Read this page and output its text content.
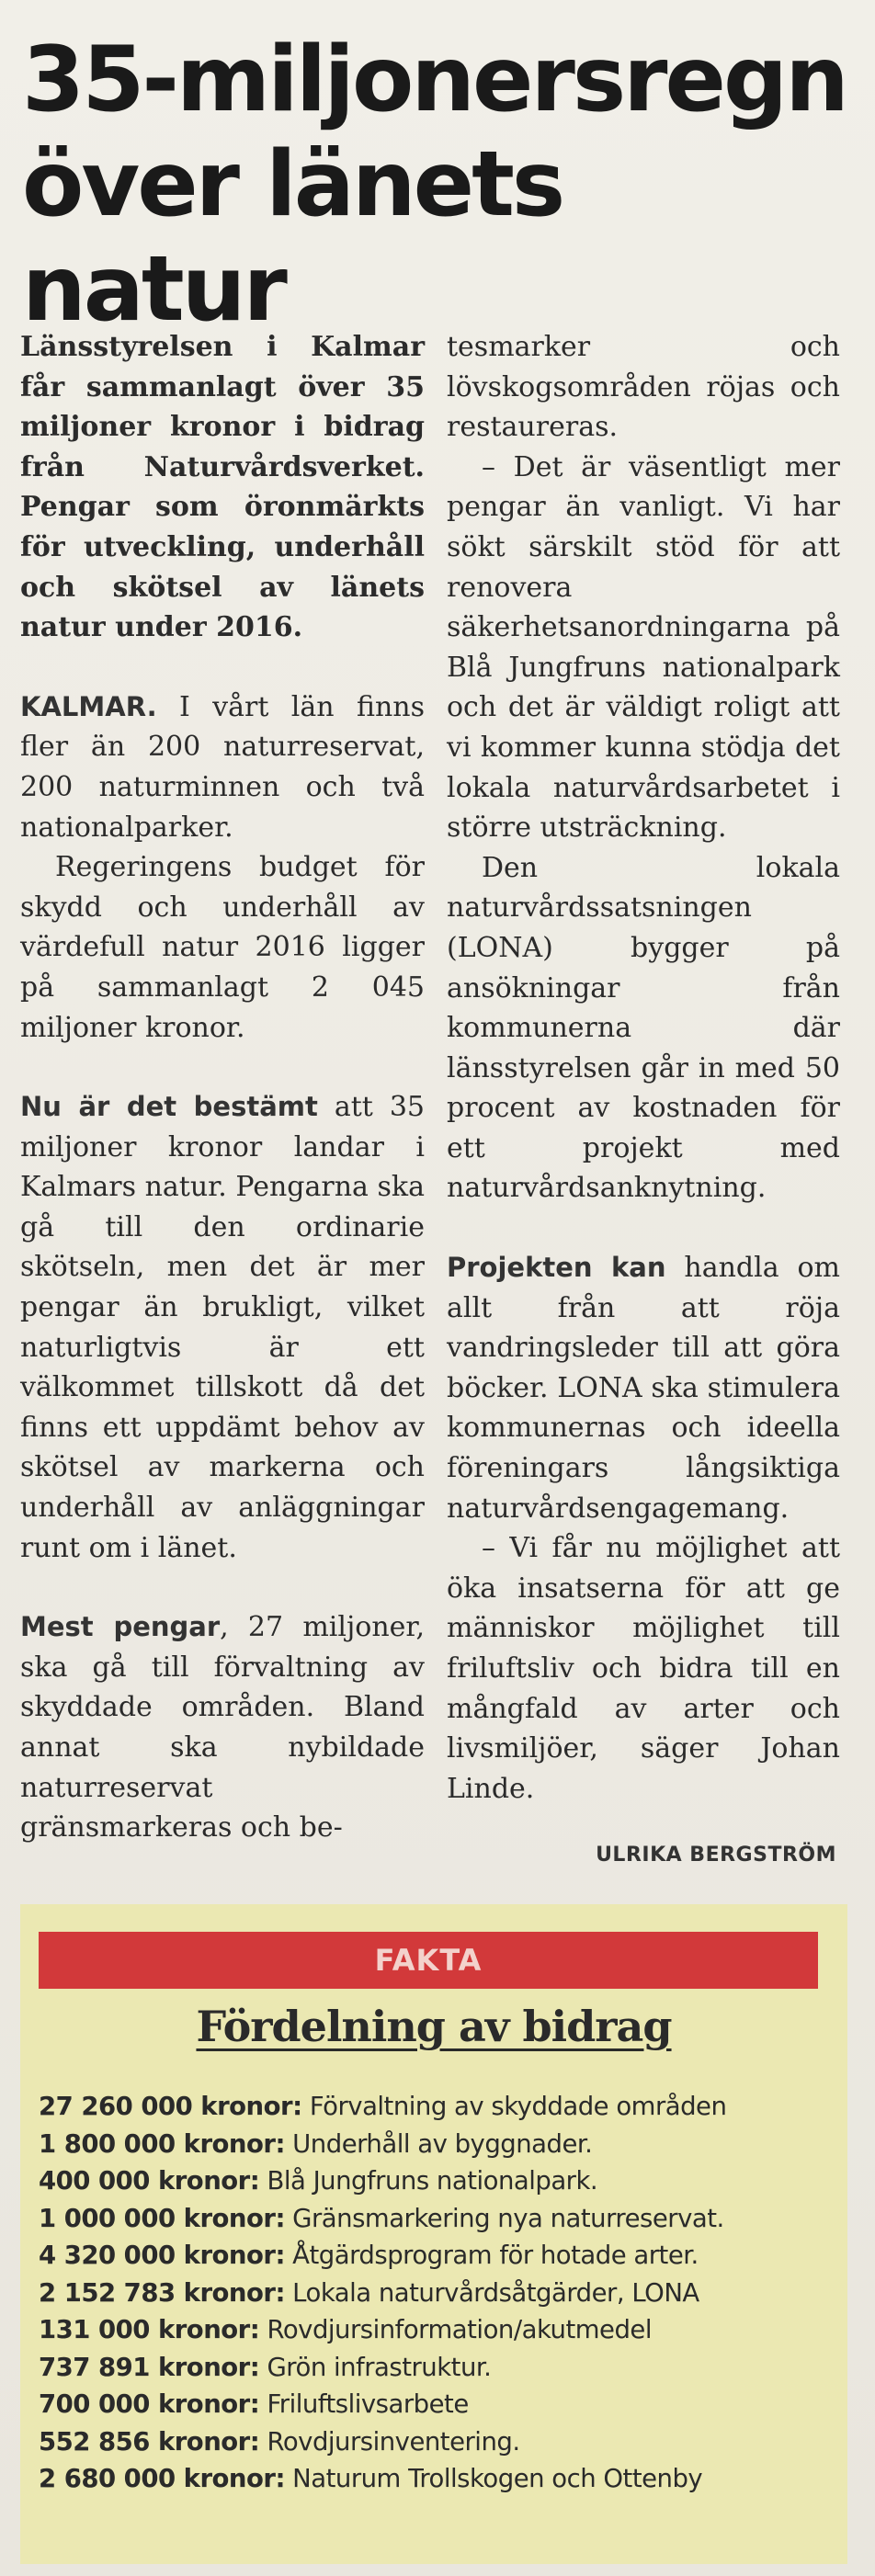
35-miljonersregn
över länets natur

Länsstyrelsen i Kalmar får sammanlagt över 35 miljoner kronor i bidrag från Naturvårdsverket. Pengar som öronmärkts för utveckling, underhåll och skötsel av länets natur under 2016.

KALMAR. I vårt län finns fler än 200 naturreservat, 200 naturminnen och två nationalparker.

Regeringens budget för skydd och underhåll av värdefull natur 2016 ligger på sammanlagt 2 045 miljoner kronor.

Nu är det bestämt att 35 miljoner kronor landar i Kalmars natur. Pengarna ska gå till den ordinarie skötseln, men det är mer pengar än brukligt, vilket naturligtvis är ett välkommet tillskott då det finns ett uppdämt behov av skötsel av markerna och underhåll av anläggningar runt om i länet.

Mest pengar, 27 miljoner, ska gå till förvaltning av skyddade områden. Bland annat ska nybildade naturreservat gränsmarkeras och be-

tesmarker och lövskogsområden röjas och restaureras.

– Det är väsentligt mer pengar än vanligt. Vi har sökt särskilt stöd för att renovera säkerhetsanordningarna på Blå Jungfruns nationalpark och det är väldigt roligt att vi kommer kunna stödja det lokala naturvårdsarbetet i större utsträckning.

Den lokala naturvårdssatsningen (LONA) bygger på ansökningar från kommunerna där länsstyrelsen går in med 50 procent av kostnaden för ett projekt med naturvårdsanknytning.

Projekten kan handla om allt från att röja vandringsleder till att göra böcker. LONA ska stimulera kommunernas och ideella föreningars långsiktiga naturvårdsengagemang.

– Vi får nu möjlighet att öka insatserna för att ge människor möjlighet till friluftsliv och bidra till en mångfald av arter och livsmiljöer, säger Johan Linde.

ULRIKA BERGSTRÖM
FAKTA
Fördelning av bidrag
27 260 000 kronor: Förvaltning av skyddade områden
1 800 000 kronor: Underhåll av byggnader.
400 000 kronor: Blå Jungfruns nationalpark.
1 000 000 kronor: Gränsmarkering nya naturreservat.
4 320 000 kronor: Åtgärdsprogram för hotade arter.
2 152 783 kronor: Lokala naturvårdsåtgärder, LONA
131 000 kronor: Rovdjursinformation/akutmedel
737 891 kronor: Grön infrastruktur.
700 000 kronor: Friluftslivsarbete
552 856 kronor: Rovdjursinventering.
2 680 000 kronor: Naturum Trollskogen och Ottenby
